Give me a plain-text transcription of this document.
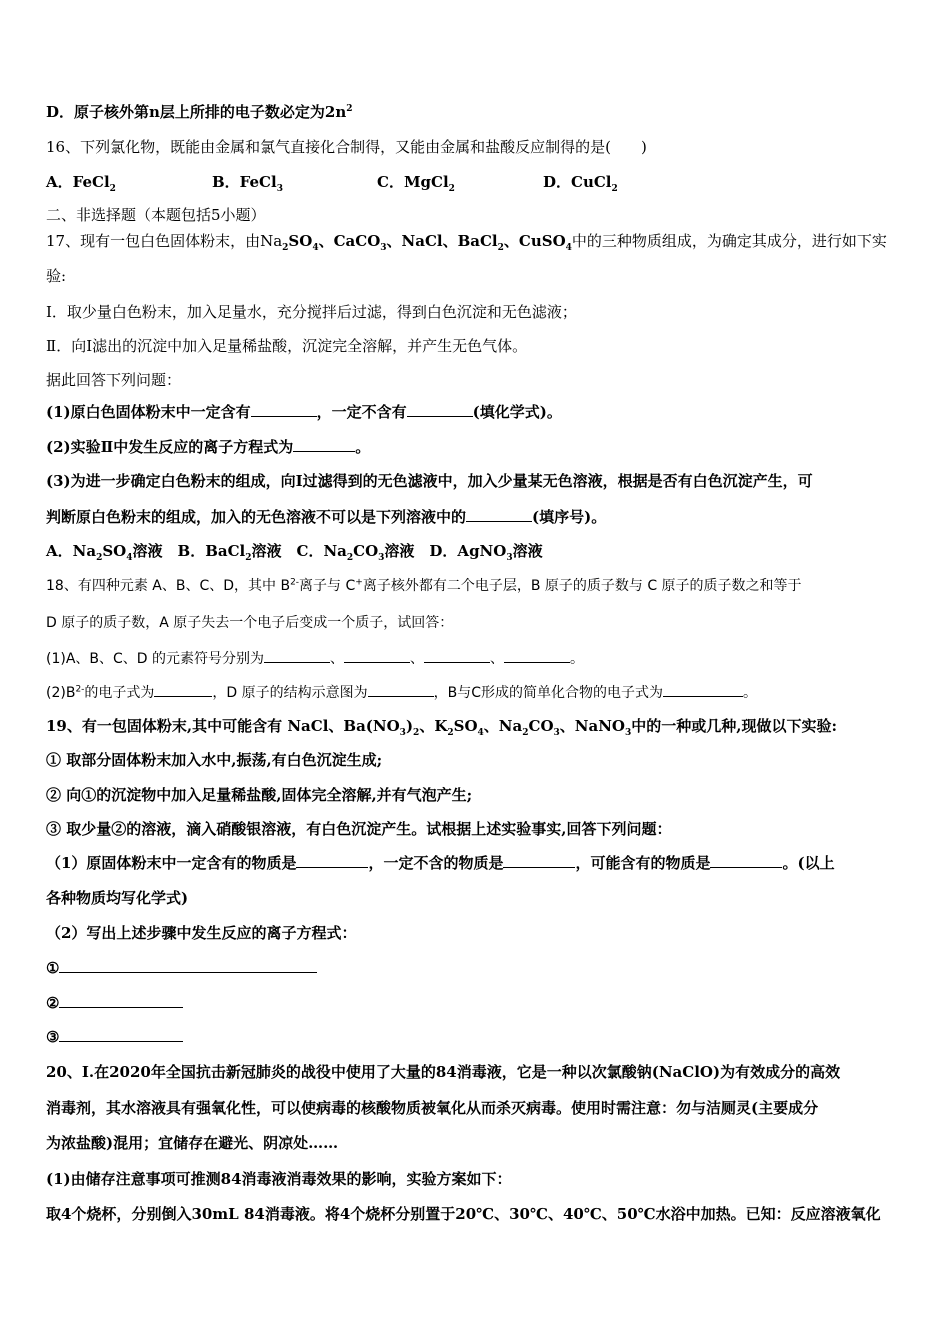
D．原子核外第n层上所排的电子数必定为$2n^2$
16、下列氯化物，既能由金属和氯气直接化合制得，又能由金属和盐酸反应制得的是(　　)
A．FeCl$_2$	B．FeCl$_3$	C．MgCl$_2$	D．CuCl$_2$
二、非选择题（本题包括5小题）
17、现有一包白色固体粉末，由$Na_2SO_4$、CaCO$_3$、NaCl、BaCl$_2$、CuSO$_4$中的三种物质组成，为确定其成分，进行如下实
验:
Ⅰ．取少量白色粉末，加入足量水，充分搅拌后过滤，得到白色沉淀和无色滤液；
Ⅱ．向Ⅰ滤出的沉淀中加入足量稀盐酸，沉淀完全溶解，并产生无色气体。
据此回答下列问题：
(1)原白色固体粉末中一定含有	，一定不含有	(填化学式)。
(2)实验Ⅱ中发生反应的离子方程式为	。
(3)为进一步确定白色粉末的组成，向Ⅰ过滤得到的无色滤液中，加入少量某无色溶液，根据是否有白色沉淀产生，可
判断原白色粉末的组成，加入的无色溶液不可以是下列溶液中的	(填序号)。
A．$Na_2SO_4$溶液　B．BaCl$_2$溶液　C．$Na_2CO_3$溶液　D．AgNO$_3$溶液
18、有四种元素 A、B、C、D，其中 $B^{2-}$离子与 C+离子核外都有二个电子层，B 原子的质子数与 C 原子的质子数之和等于
D 原子的质子数，A 原子失去一个电子后变成一个质子，试回答：
(1)A、B、C、D 的元素符号分别为	、	、	、	。
$(2)B^{2-}$的电子式为	，D 原子的结构示意图为	，B与C形成的简单化合物的电子式为	。
19、有一包固体粉末,其中可能含有 NaCl、$Ba(NO_3)_2$、$K_2SO_4$、$Na_2CO_3$、NaNO$_3$中的一种或几种,现做以下实验:
① 取部分固体粉末加入水中,振荡,有白色沉淀生成;
② 向①的沉淀物中加入足量稀盐酸,固体完全溶解,并有气泡产生;
③ 取少量②的溶液，滴入硝酸银溶液，有白色沉淀产生。试根据上述实验事实,回答下列问题：
（1）原固体粉末中一定含有的物质是	，一定不含的物质是	，可能含有的物质是	。(以上
各种物质均写化学式)
（2）写出上述步骤中发生反应的离子方程式：
①
②
③
20、Ⅰ.在2020年全国抗击新冠肺炎的战役中使用了大量的84消毒液，它是一种以次氯酸钠(NaClO)为有效成分的高效
消毒剂，其水溶液具有强氧化性，可以使病毒的核酸物质被氧化从而杀灭病毒。使用时需注意：勿与洁厕灵(主要成分
为浓盐酸)混用；宜储存在避光、阴凉处……
(1)由储存注意事项可推测84消毒液消毒效果的影响，实验方案如下：
取4个烧杯，分别倒入30mL 84消毒液。将4个烧杯分别置于20℃、30℃、40℃、50℃水浴中加热。已知：反应溶液氧化
